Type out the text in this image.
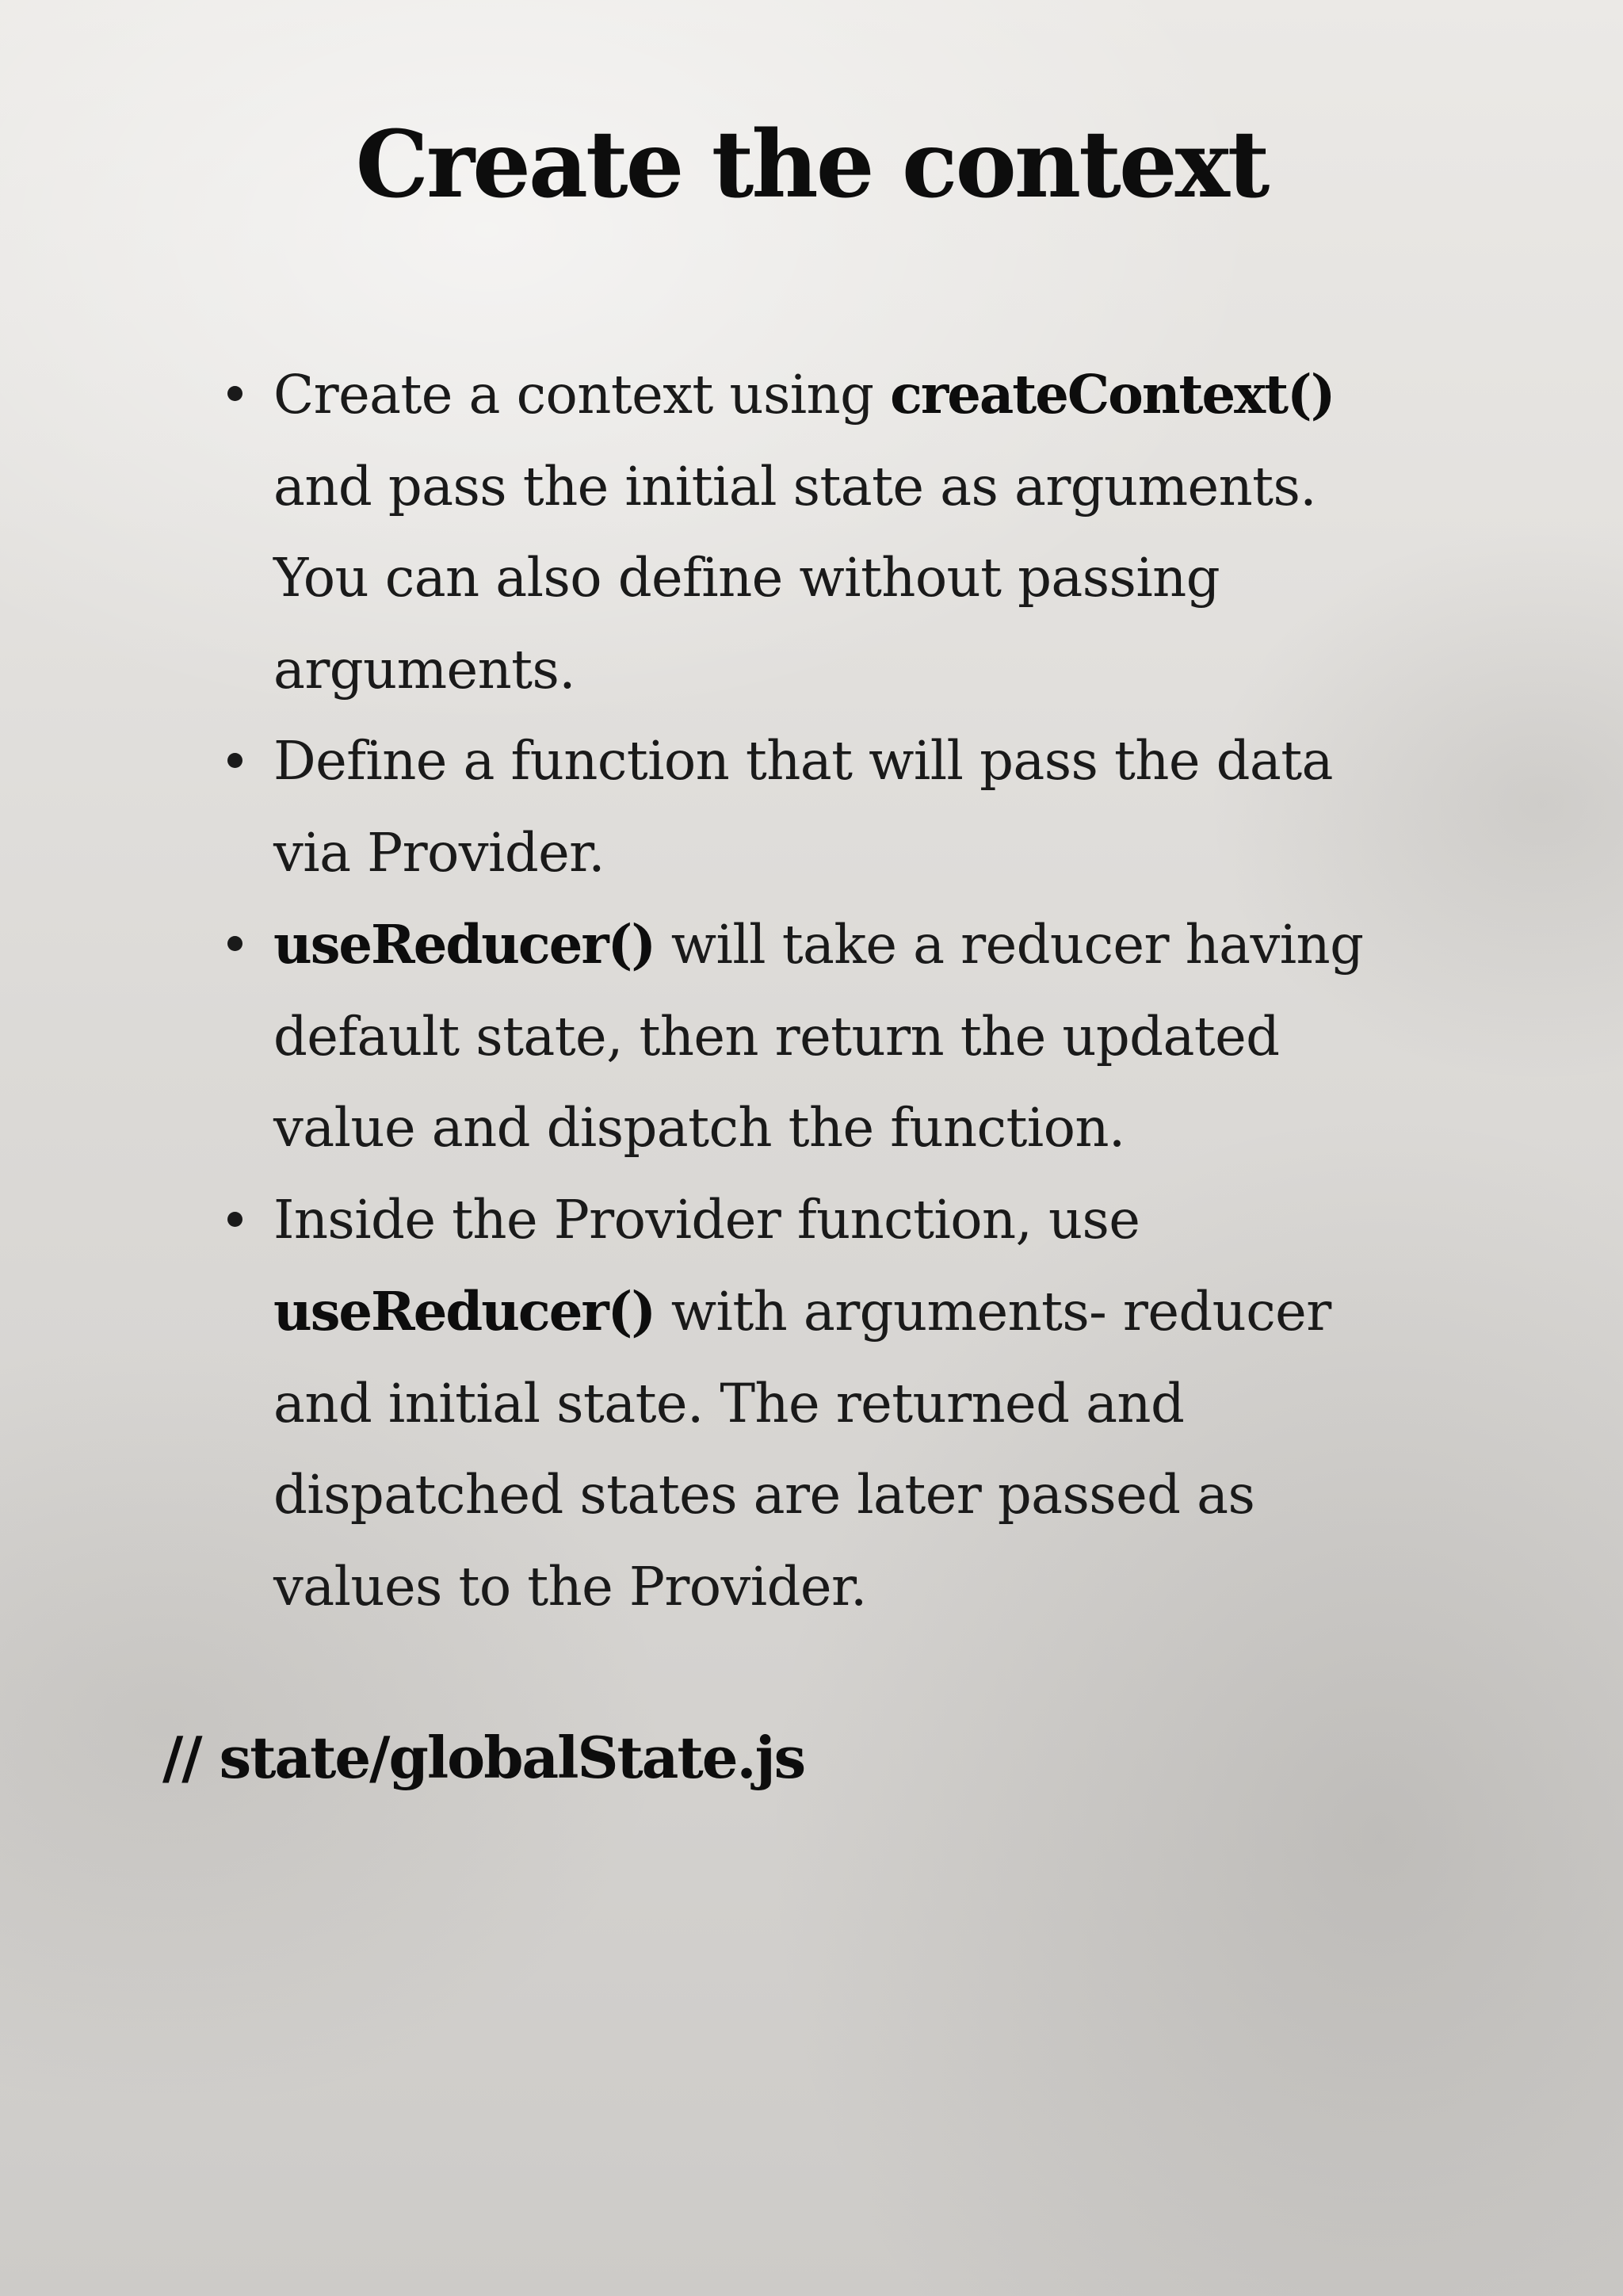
Create the context
Create a context using createContext()
and pass the initial state as arguments.
You can also define without passing
arguments.
Define a function that will pass the data
via Provider.
useReducer() will take a reducer having
default state, then return the updated
value and dispatch the function.
Inside the Provider function, use
useReducer() with arguments- reducer
and initial state. The returned and
dispatched states are later passed as
values to the Provider.

// state/globalState.js
